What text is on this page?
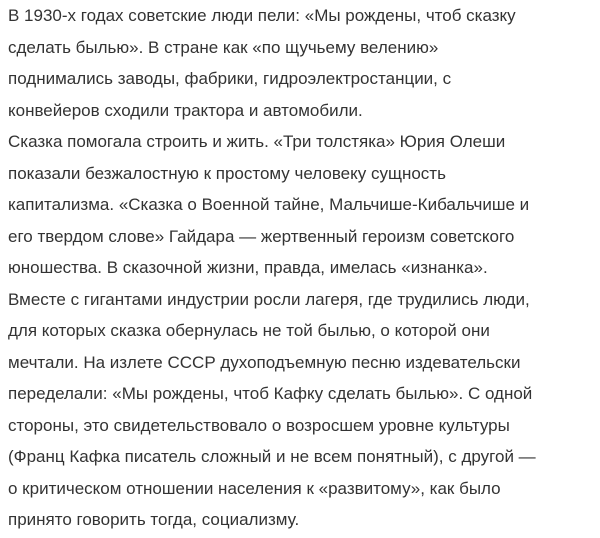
В 1930-х годах советские люди пели: «Мы рождены, чтоб сказку
сделать былью». В стране как «по щучьему велению»
поднимались заводы, фабрики, гидроэлектростанции, с
конвейеров сходили трактора и автомобили.

Сказка помогала строить и жить. «Три толстяка» Юрия Олеши
показали безжалостную к простому человеку сущность
капитализма. «Сказка о Военной тайне, Мальчише-Кибальчише и
его твердом слове» Гайдара — жертвенный героизм советского
юношества. В сказочной жизни, правда, имелась «изнанка».
Вместе с гигантами индустрии росли лагеря, где трудились люди,
для которых сказка обернулась не той былью, о которой они
мечтали. На излете СССР духоподъемную песню издевательски
переделали: «Мы рождены, чтоб Кафку сделать былью». С одной
стороны, это свидетельствовало о возросшем уровне культуры
(Франц Кафка писатель сложный и не всем понятный), с другой —
о критическом отношении населения к «развитому», как было
принято говорить тогда, социализму.
